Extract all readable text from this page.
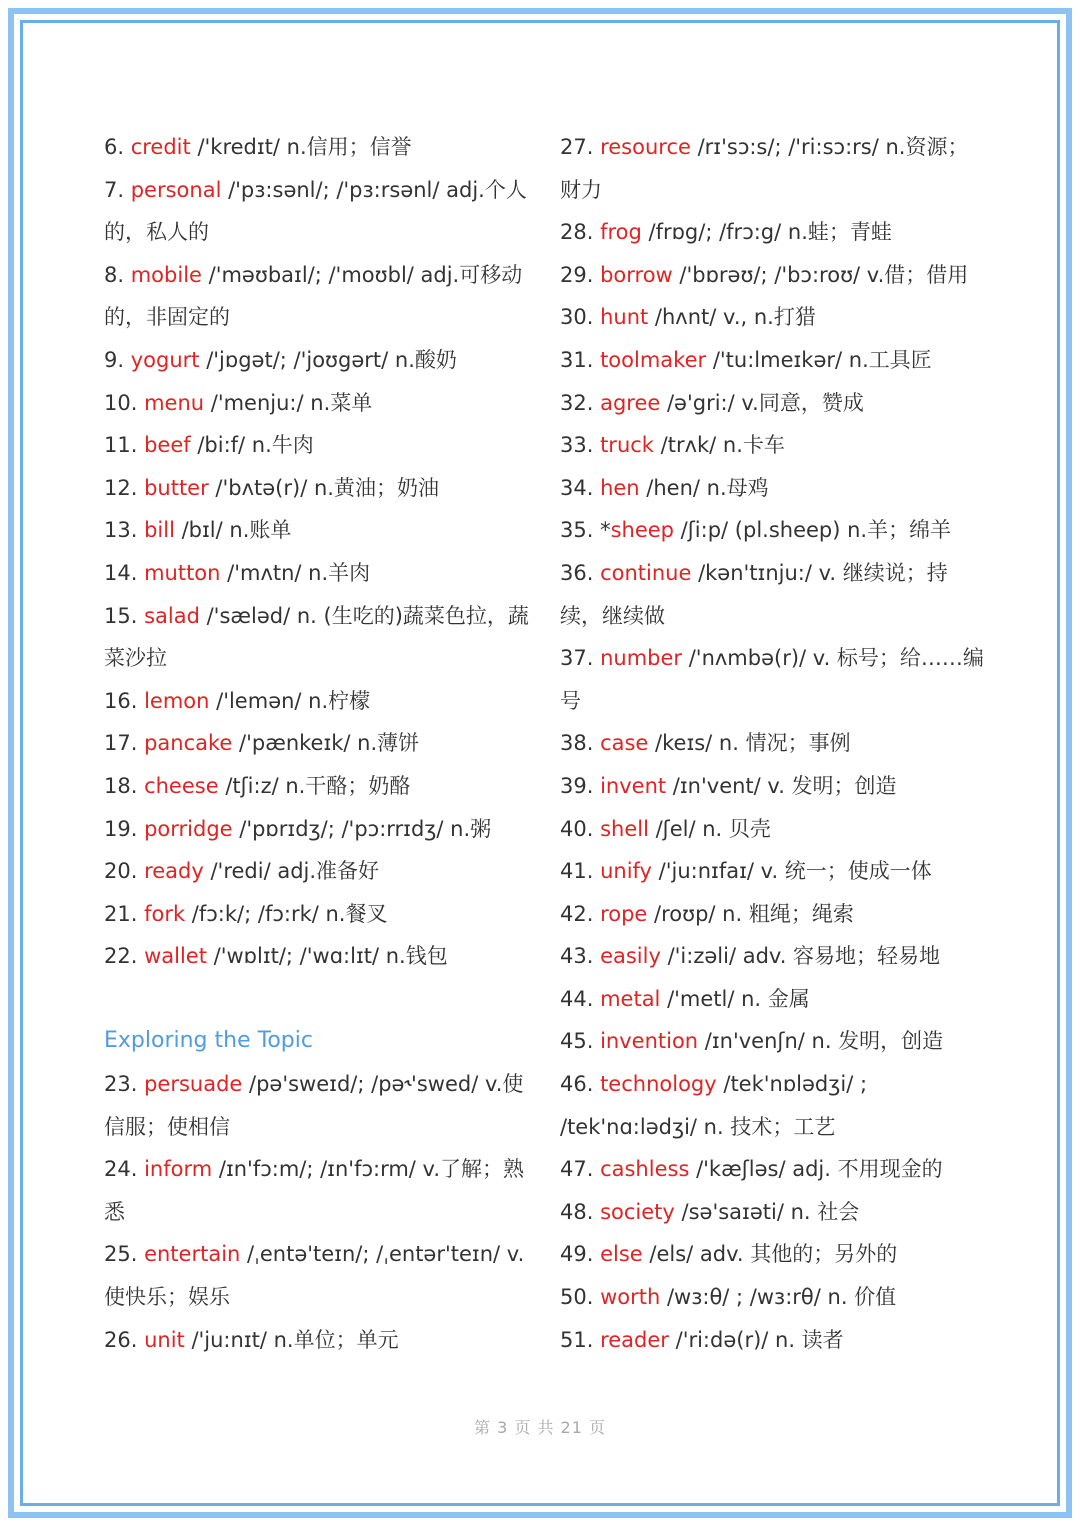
6. credit /'kredɪt/ n.信用；信誉

7. personal /'pɜ:sənl/; /'pɜ:rsənl/ adj.个人的，私人的

8. mobile /'məʊbaɪl/; /'moʊbl/ adj.可移动的，非固定的

9. yogurt /'jɒgət/; /'joʊgərt/ n.酸奶

10. menu /'menju:/ n.菜单

11. beef /bi:f/ n.牛肉

12. butter /'bʌtə(r)/ n.黄油；奶油

13. bill /bɪl/ n.账单

14. mutton /'mʌtn/ n.羊肉

15. salad /'sæləd/ n. (生吃的)蔬菜色拉，蔬菜沙拉

16. lemon /'lemən/ n.柠檬

17. pancake /'pænkeɪk/ n.薄饼

18. cheese /tʃi:z/ n.干酪；奶酪

19. porridge /'pɒrɪdʒ/; /'pɔ:rrɪdʒ/ n.粥

20. ready /'redi/ adj.准备好

21. fork /fɔ:k/; /fɔ:rk/ n.餐叉

22. wallet /'wɒlɪt/; /'wɑ:lɪt/ n.钱包

Exploring the Topic

23. persuade /pə'sweɪd/; /pə˞'swed/ v.使信服；使相信

24. inform /ɪn'fɔ:m/; /ɪn'fɔ:rm/ v.了解；熟悉

25. entertain /ˌentə'teɪn/; /ˌentər'teɪn/ v.使快乐；娱乐

26. unit /'ju:nɪt/ n.单位；单元

27. resource /rɪ'sɔ:s/; /'ri:sɔ:rs/ n.资源；财力

28. frog /frɒg/; /frɔ:g/ n.蛙；青蛙

29. borrow /'bɒrəʊ/; /'bɔ:roʊ/ v.借；借用

30. hunt /hʌnt/ v., n.打猎

31. toolmaker /'tu:lmeɪkər/ n.工具匠

32. agree /ə'gri:/ v.同意，赞成

33. truck /trʌk/ n.卡车

34. hen /hen/ n.母鸡

35. *sheep /ʃi:p/ (pl.sheep) n.羊；绵羊

36. continue /kən'tɪnju:/ v. 继续说；持续，继续做

37. number /'nʌmbə(r)/ v. 标号；给……编号

38. case /keɪs/ n. 情况；事例

39. invent /ɪn'vent/ v. 发明；创造

40. shell /ʃel/ n. 贝壳

41. unify /'ju:nɪfaɪ/ v. 统一；使成一体

42. rope /roʊp/ n. 粗绳；绳索

43. easily /'i:zəli/ adv. 容易地；轻易地

44. metal /'metl/ n. 金属

45. invention /ɪn'venʃn/ n. 发明，创造

46. technology /tek'nɒlədʒi/ ; /tek'nɑ:lədʒi/ n. 技术；工艺

47. cashless /'kæʃləs/ adj. 不用现金的

48. society /sə'saɪəti/ n. 社会

49. else /els/ adv. 其他的；另外的

50. worth /wɜ:θ/ ; /wɜ:rθ/ n. 价值

51. reader /'ri:də(r)/ n. 读者

第 3 页 共 21 页
